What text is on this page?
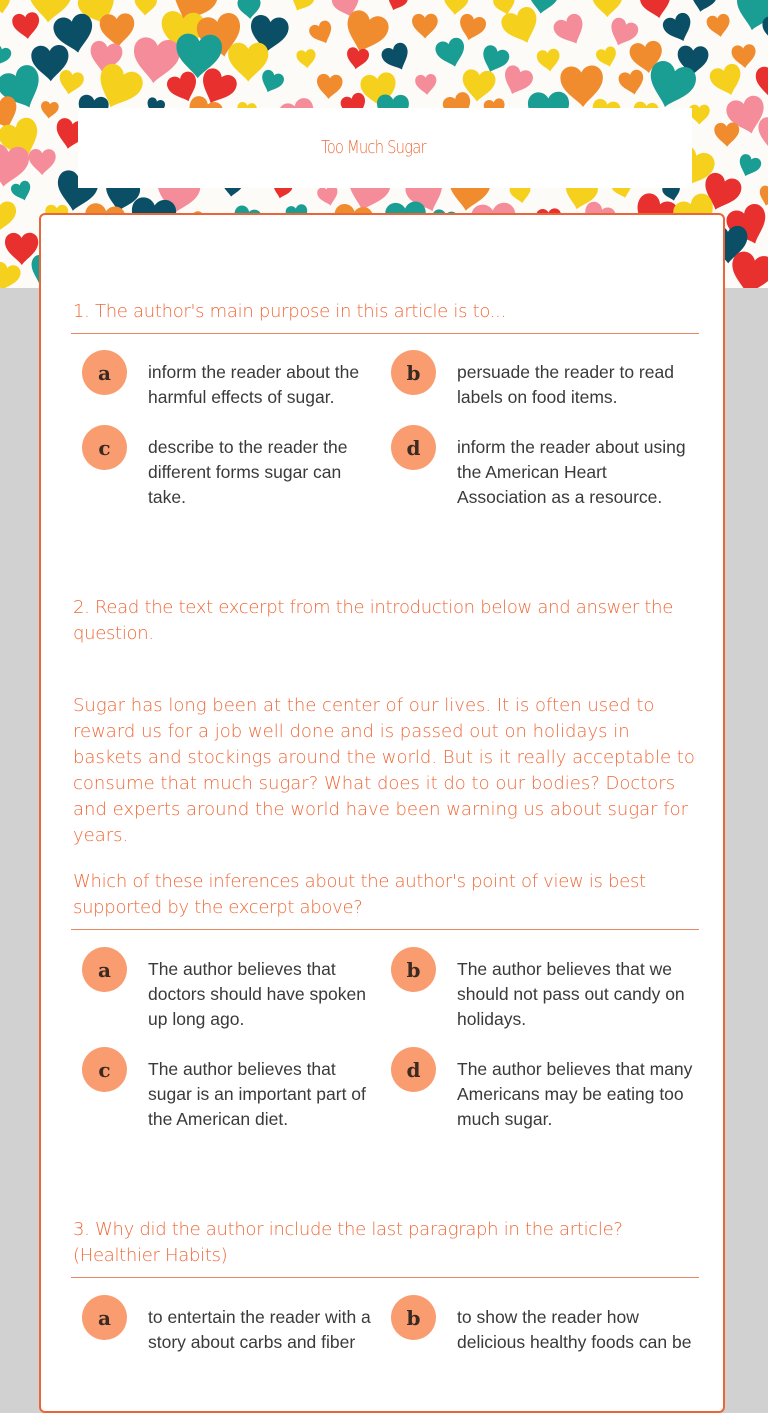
Too Much Sugar
1. The author's main purpose in this article is to...
a	inform the reader about the harmful effects of sugar.
b	persuade the reader to read labels on food items.
c	describe to the reader the different forms sugar can take.
d	inform the reader about using the American Heart Association as a resource.
2. Read the text excerpt from the introduction below and answer the question.
Sugar has long been at the center of our lives. It is often used to reward us for a job well done and is passed out on holidays in baskets and stockings around the world. But is it really acceptable to consume that much sugar? What does it do to our bodies? Doctors and experts around the world have been warning us about sugar for years.
Which of these inferences about the author's point of view is best supported by the excerpt above?
a	The author believes that doctors should have spoken up long ago.
b	The author believes that we should not pass out candy on holidays.
c	The author believes that sugar is an important part of the American diet.
d	The author believes that many Americans may be eating too much sugar.
3. Why did the author include the last paragraph in the article? (Healthier Habits)
a	to entertain the reader with a story about carbs and fiber
b	to show the reader how delicious healthy foods can be
